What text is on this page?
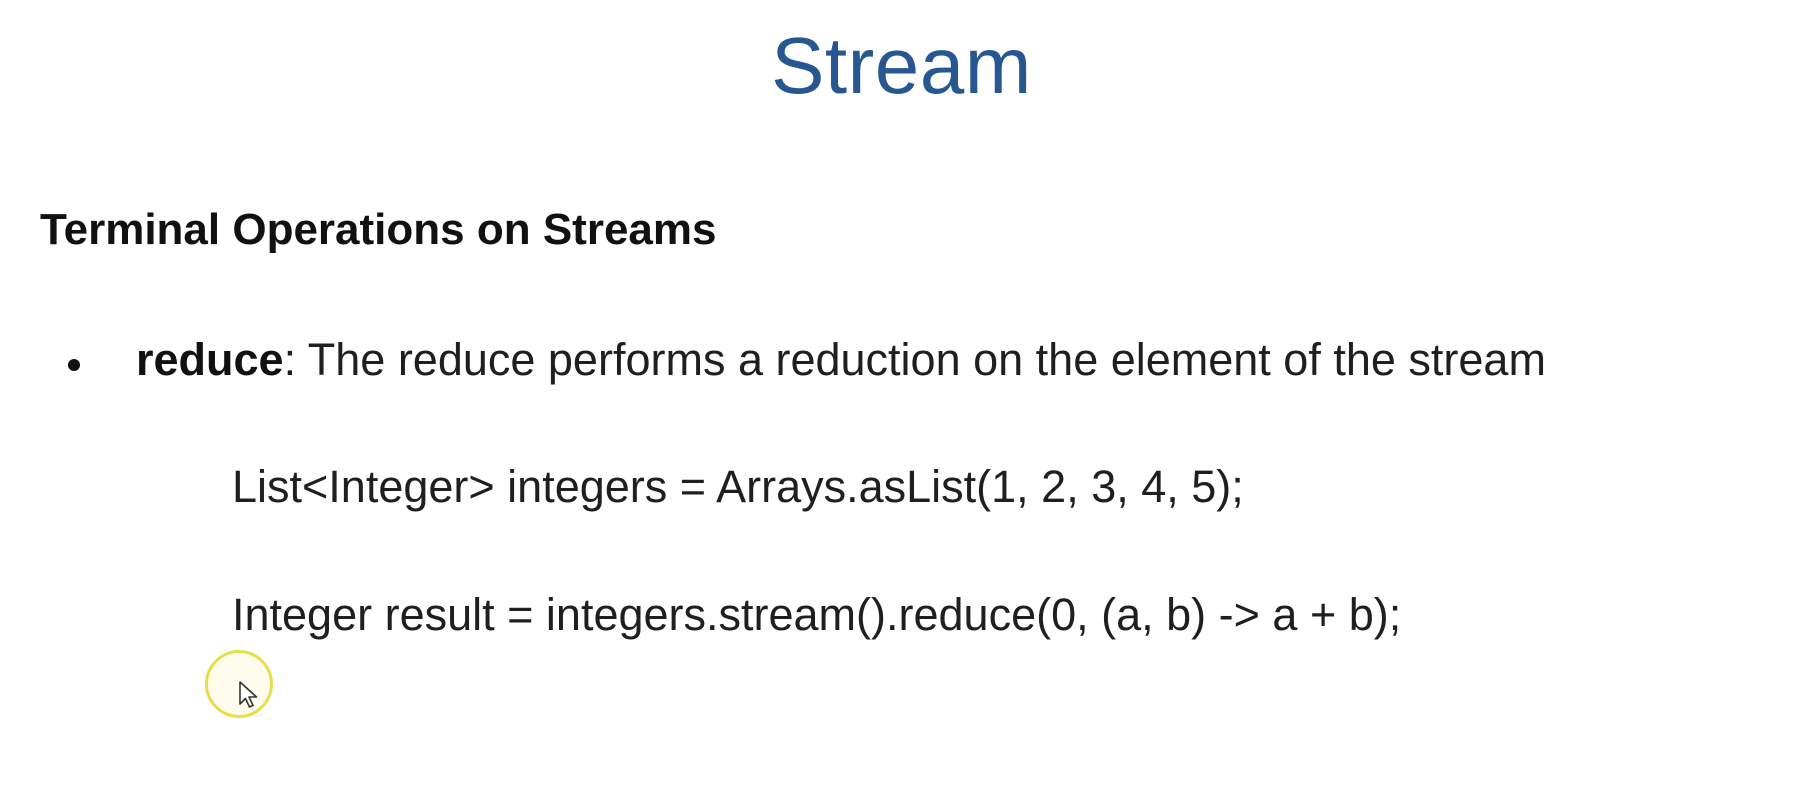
Stream
Terminal Operations on Streams
reduce: The reduce performs a reduction on the element of the stream
List<Integer> integers = Arrays.asList(1, 2, 3, 4, 5);
Integer result = integers.stream().reduce(0, (a, b) -> a + b);
